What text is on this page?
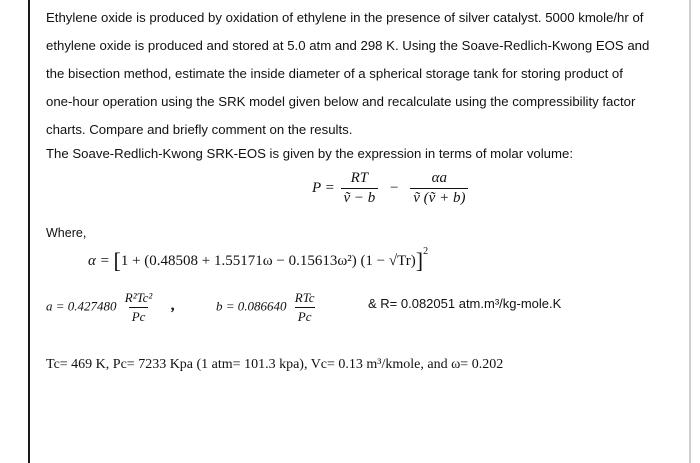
Ethylene oxide is produced by oxidation of ethylene in the presence of silver catalyst. 5000 kmole/hr of
ethylene oxide is produced and stored at 5.0 atm and 298 K. Using the Soave-Redlich-Kwong EOS and
the bisection method, estimate the inside diameter of a spherical storage tank for storing product of
one-hour operation using the SRK model given below and recalculate using the compressibility factor
charts. Compare and briefly comment on the results.
The Soave-Redlich-Kwong SRK-EOS is given by the expression in terms of molar volume:
$P = \frac{RT}{\text{ṽ − b}} - \frac{\alpha a}{\text{ṽ (ṽ + b)}}$
Where,
α = [1 + (0.48508 + 1.55171ω − 0.15613ω²) (1 − √Tr)]$^2$
$a = 0.427480 \frac{\text{R²Tc²}}{Pc}$ ,	$b = 0.086640 \frac{\text{RTc}}{Pc}$	& R= 0.082051 atm.m³/kg-mole.K
Tc= 469 K, Pc= 7233 Kpa (1 atm= 101.3 kpa), Vc= 0.13 m³/kmole, and ω= 0.202
